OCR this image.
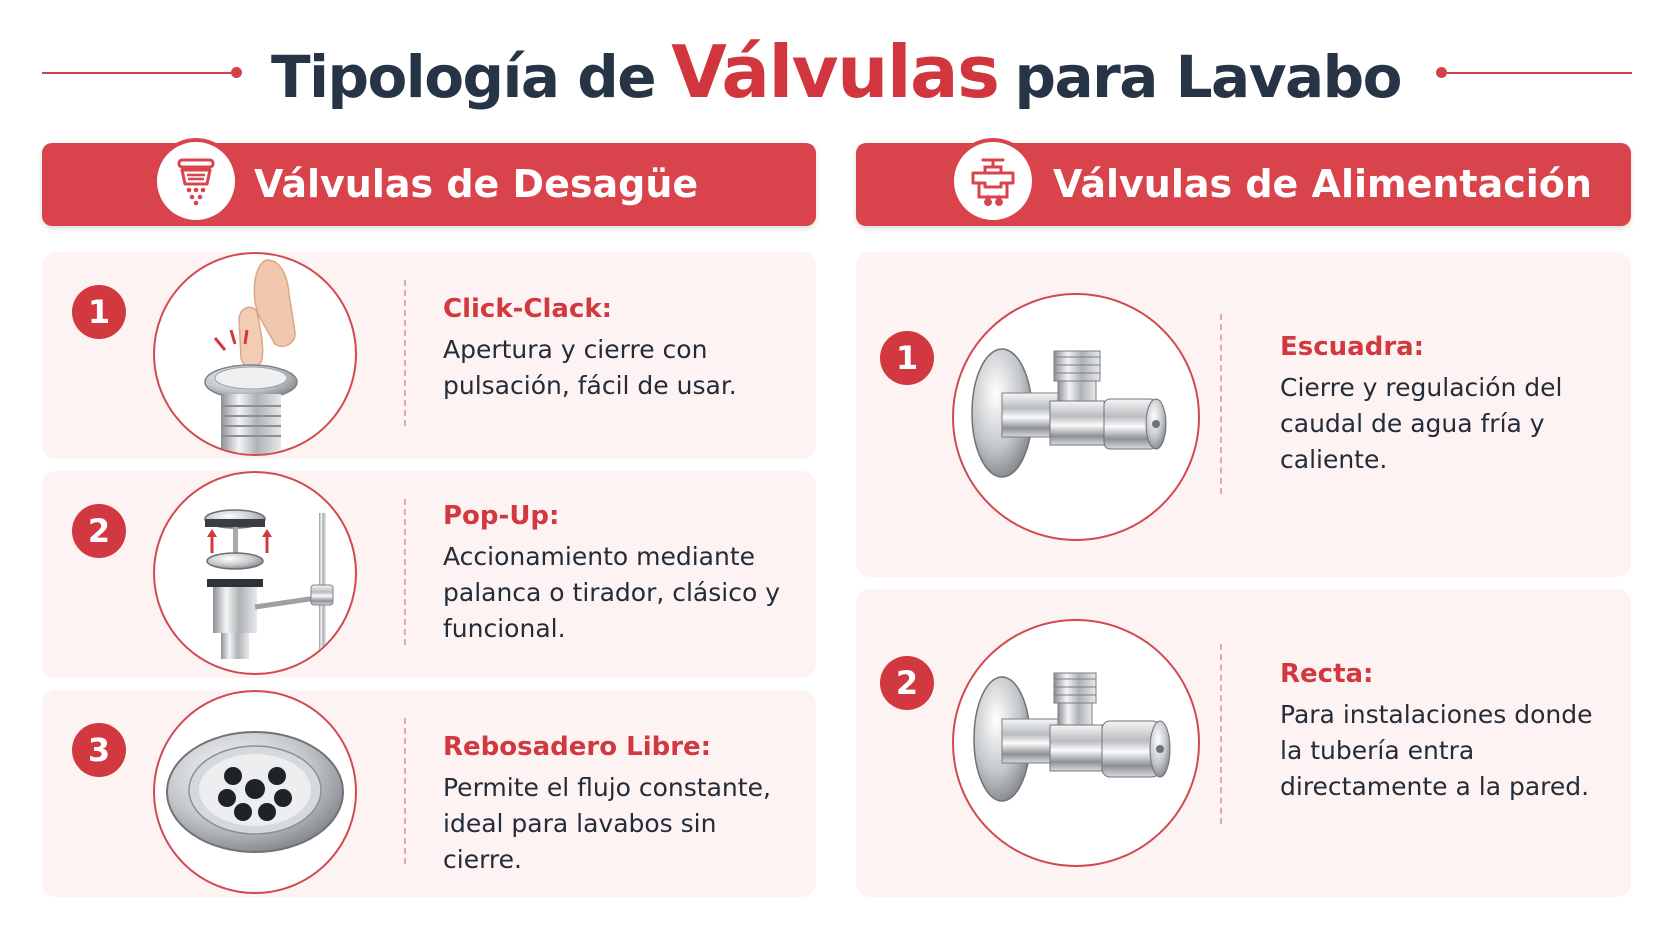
Tipología de Válvulas para Lavabo
Válvulas de Desagüe
1	Click-Clack:
Apertura y cierre con pulsación, fácil de usar.
2	Pop-Up:
Accionamiento mediante palanca o tirador, clásico y funcional.
3	Rebosadero Libre:
Permite el flujo constante, ideal para lavabos sin cierre.
Válvulas de Alimentación
1	Escuadra:
Cierre y regulación del caudal de agua fría y caliente.
2	Recta:
Para instalaciones donde la tubería entra directamente a la pared.
